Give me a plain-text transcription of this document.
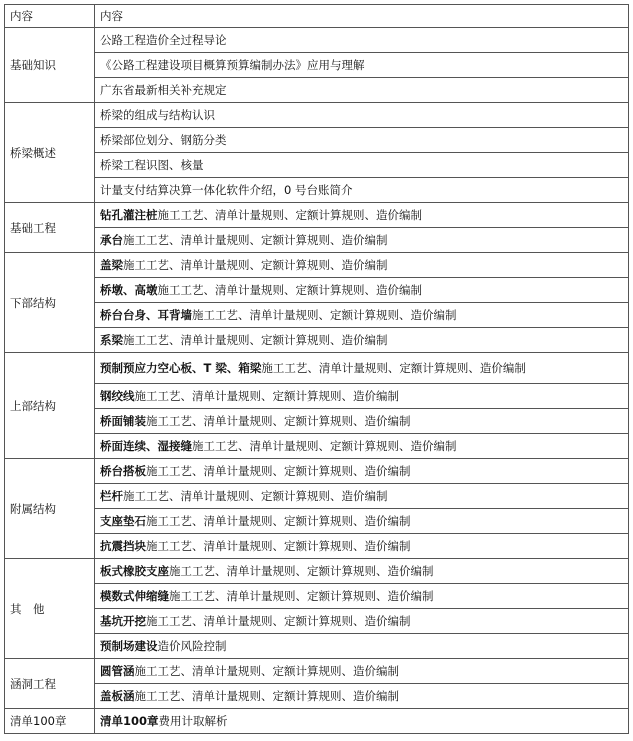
内容	内容
基础知识	公路工程造价全过程导论
	《公路工程建设项目概算预算编制办法》应用与理解
	广东省最新相关补充规定
桥梁概述	桥梁的组成与结构认识
	桥梁部位划分、钢筋分类
	桥梁工程识图、核量
	计量支付结算决算一体化软件介绍，0 号台账简介
基础工程	钻孔灌注桩施工工艺、清单计量规则、定额计算规则、造价编制
	承台施工工艺、清单计量规则、定额计算规则、造价编制
下部结构	盖梁施工工艺、清单计量规则、定额计算规则、造价编制
	桥墩、高墩施工工艺、清单计量规则、定额计算规则、造价编制
	桥台台身、耳背墙施工工艺、清单计量规则、定额计算规则、造价编制
	系梁施工工艺、清单计量规则、定额计算规则、造价编制
上部结构	预制预应力空心板、T 梁、箱梁施工工艺、清单计量规则、定额计算规则、造价编制
	钢绞线施工工艺、清单计量规则、定额计算规则、造价编制
	桥面铺装施工工艺、清单计量规则、定额计算规则、造价编制
	桥面连续、湿接缝施工工艺、清单计量规则、定额计算规则、造价编制
附属结构	桥台搭板施工工艺、清单计量规则、定额计算规则、造价编制
	栏杆施工工艺、清单计量规则、定额计算规则、造价编制
	支座垫石施工工艺、清单计量规则、定额计算规则、造价编制
	抗震挡块施工工艺、清单计量规则、定额计算规则、造价编制
其　他	板式橡胶支座施工工艺、清单计量规则、定额计算规则、造价编制
	模数式伸缩缝施工工艺、清单计量规则、定额计算规则、造价编制
	基坑开挖施工工艺、清单计量规则、定额计算规则、造价编制
	预制场建设造价风险控制
涵洞工程	圆管涵施工工艺、清单计量规则、定额计算规则、造价编制
	盖板涵施工工艺、清单计量规则、定额计算规则、造价编制
清单100章	清单100章费用计取解析
